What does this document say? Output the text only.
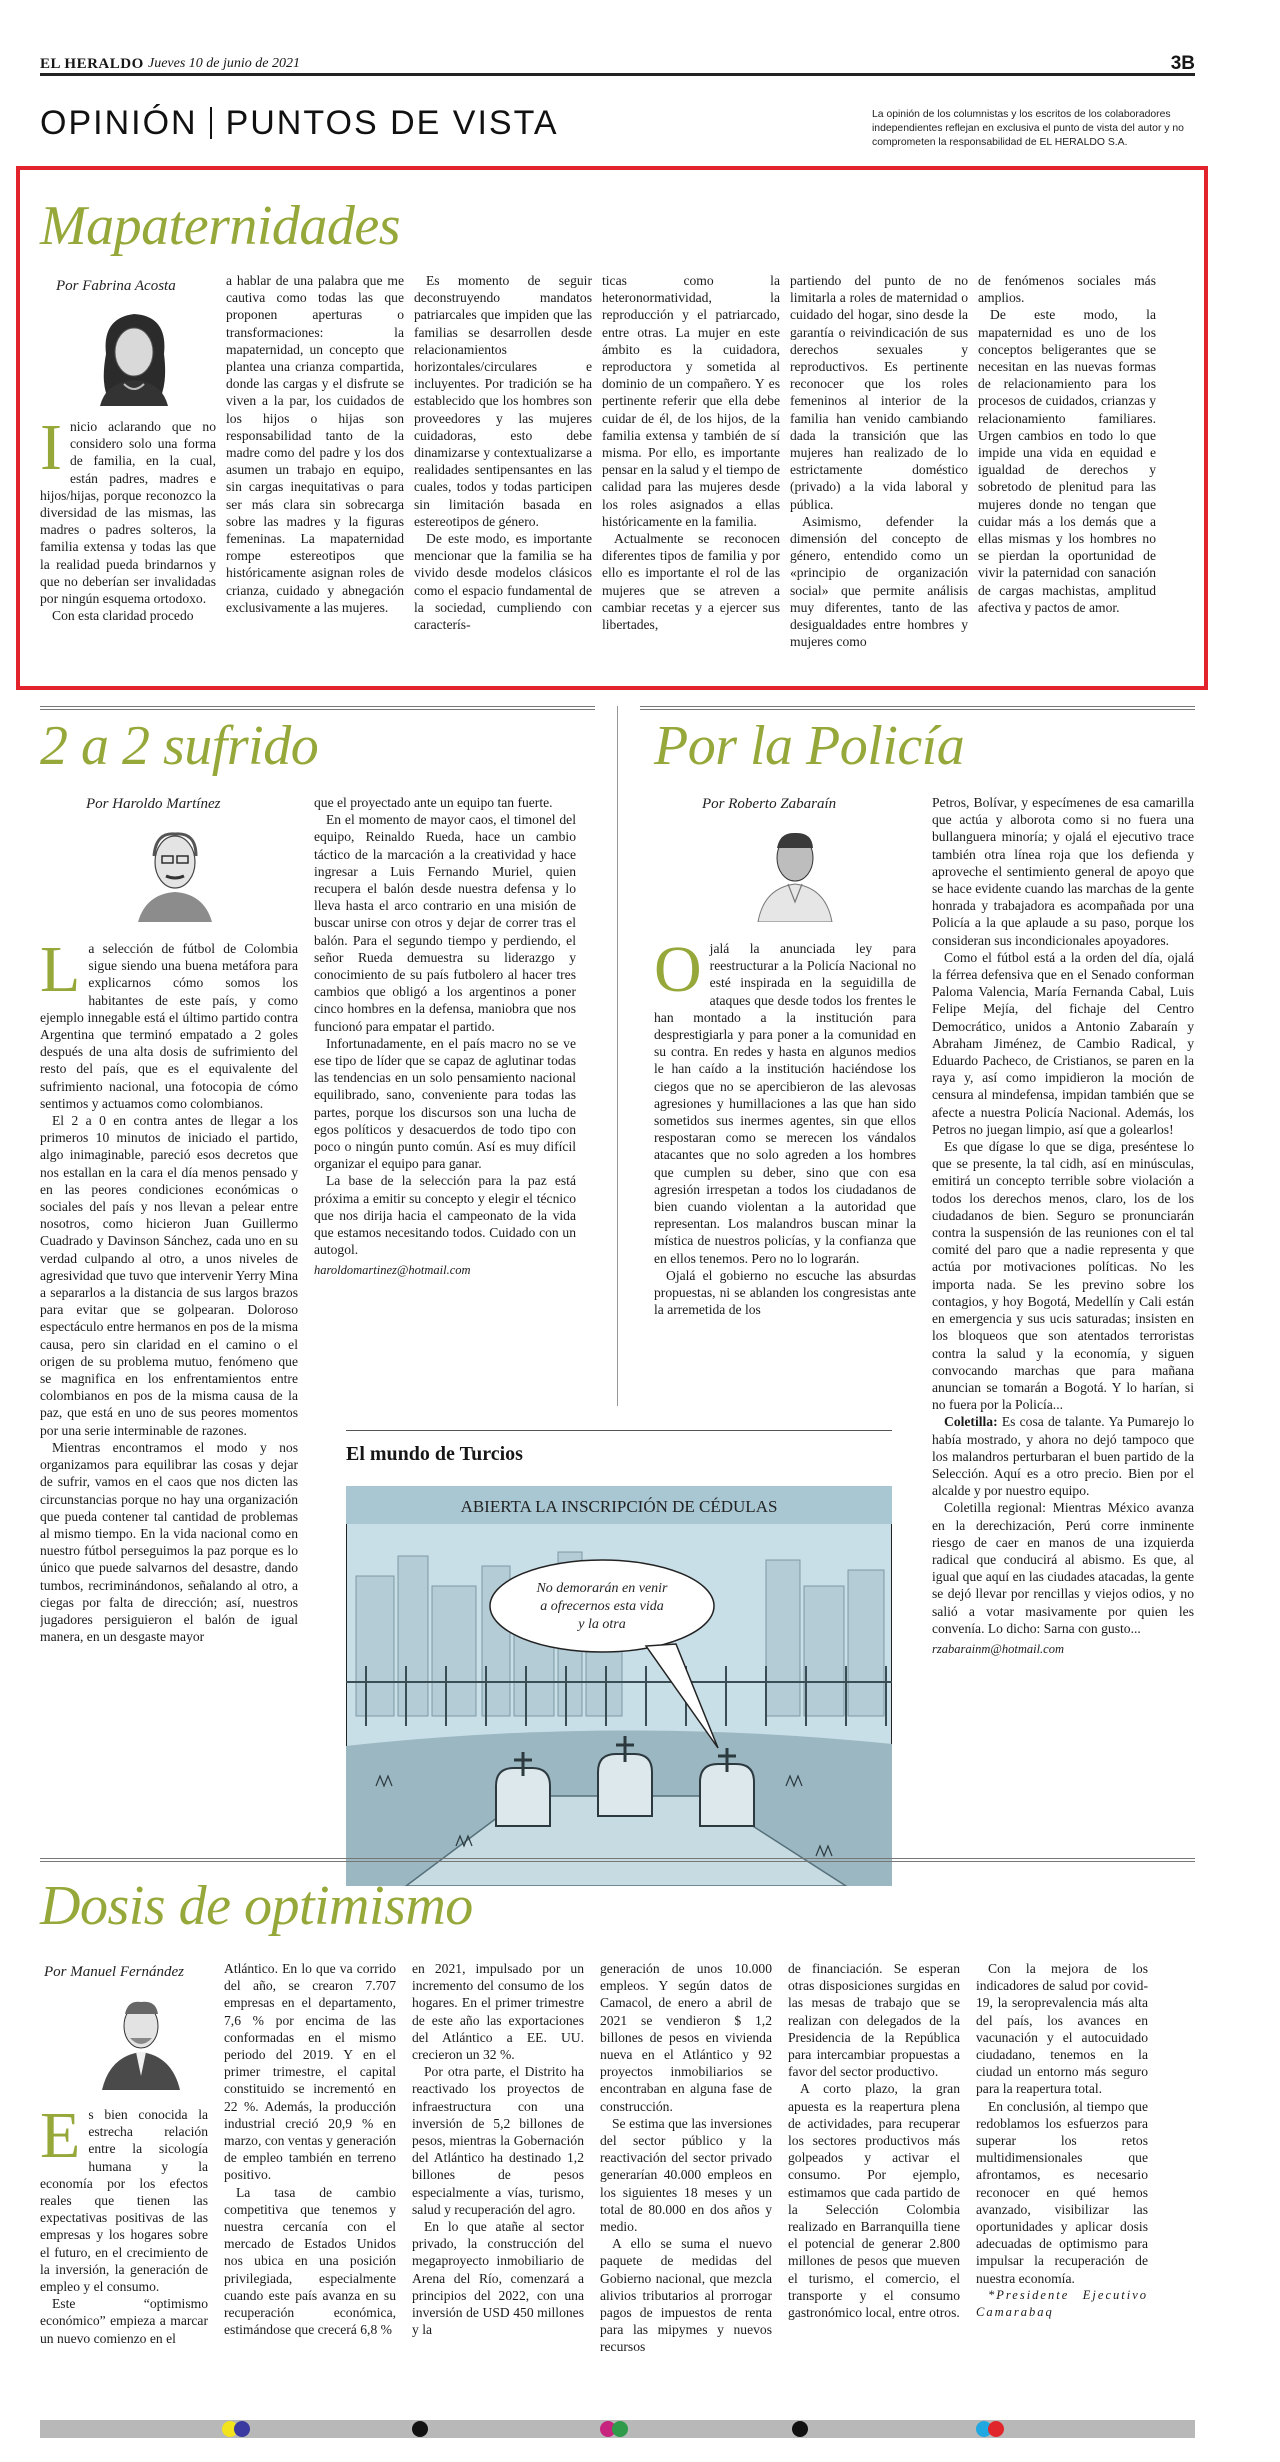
EL HERALDO Jueves 10 de junio de 2021	3B
OPINIÓN PUNTOS DE VISTA	La opinión de los columnistas y los escritos de los colaboradores independientes reflejan en exclusiva el punto de vista del autor y no comprometen la responsabilidad de EL HERALDO S.A.
Mapaternidades
Por Fabrina Acosta
I nicio aclarando que no considero solo una forma de familia, en la cual, están padres, madres e hijos/hijas, porque reconozco la diversidad de las mismas, las madres o padres solteros, la familia extensa y todas las que la realidad pueda brindarnos y que no deberían ser invalidadas por ningún esquema ortodoxo.

Con esta claridad procedo

a hablar de una palabra que me cautiva como todas las que proponen aperturas o transformaciones: la mapaternidad, un concepto que plantea una crianza compartida, donde las cargas y el disfrute se viven a la par, los cuidados de los hijos o hijas son responsabilidad tanto de la madre como del padre y los dos asumen un trabajo en equipo, sin cargas inequitativas o para ser más clara sin sobrecarga sobre las madres y la figuras femeninas. La mapaternidad rompe estereotipos que históricamente asignan roles de crianza, cuidado y abnegación exclusivamente a las mujeres.

Es momento de seguir deconstruyendo mandatos patriarcales que impiden que las familias se desarrollen desde relacionamientos horizontales/circulares e incluyentes. Por tradición se ha establecido que los hombres son proveedores y las mujeres cuidadoras, esto debe dinamizarse y contextualizarse a realidades sentipensantes en las cuales, todos y todas participen sin limitación basada en estereotipos de género.

De este modo, es importante mencionar que la familia se ha vivido desde modelos clásicos como el espacio fundamental de la sociedad, cumpliendo con caracterís-

ticas como la heteronormatividad, la reproducción y el patriarcado, entre otras. La mujer en este ámbito es la cuidadora, reproductora y sometida al dominio de un compañero. Y es pertinente referir que ella debe cuidar de él, de los hijos, de la familia extensa y también de sí misma. Por ello, es importante pensar en la salud y el tiempo de calidad para las mujeres desde los roles asignados a ellas históricamente en la familia.

Actualmente se reconocen diferentes tipos de familia y por ello es importante el rol de las mujeres que se atreven a cambiar recetas y a ejercer sus libertades,

partiendo del punto de no limitarla a roles de maternidad o cuidado del hogar, sino desde la garantía o reivindicación de sus derechos sexuales y reproductivos. Es pertinente reconocer que los roles femeninos al interior de la familia han venido cambiando dada la transición que las mujeres han realizado de lo estrictamente doméstico (privado) a la vida laboral y pública.

Asimismo, defender la dimensión del concepto de género, entendido como un «principio de organización social» que permite análisis muy diferentes, tanto de las desigualdades entre hombres y mujeres como

de fenómenos sociales más amplios.

De este modo, la mapaternidad es uno de los conceptos beligerantes que se necesitan en las nuevas formas de relacionamiento para los procesos de cuidados, crianzas y relacionamiento familiares. Urgen cambios en todo lo que impide una vida en equidad e igualdad de derechos y sobretodo de plenitud para las mujeres donde no tengan que cuidar más a los demás que a ellas mismas y los hombres no se pierdan la oportunidad de vivir la paternidad con sanación de cargas machistas, amplitud afectiva y pactos de amor.

2 a 2 sufrido
Por Haroldo Martínez
L a selección de fútbol de Colombia sigue siendo una buena metáfora para explicarnos cómo somos los habitantes de este país, y como ejemplo innegable está el último partido contra Argentina que terminó empatado a 2 goles después de una alta dosis de sufrimiento del resto del país, que es el equivalente del sufrimiento nacional, una fotocopia de cómo sentimos y actuamos como colombianos.

El 2 a 0 en contra antes de llegar a los primeros 10 minutos de iniciado el partido, algo inimaginable, pareció esos decretos que nos estallan en la cara el día menos pensado y en las peores condiciones económicas o sociales del país y nos llevan a pelear entre nosotros, como hicieron Juan Guillermo Cuadrado y Davinson Sánchez, cada uno en su verdad culpando al otro, a unos niveles de agresividad que tuvo que intervenir Yerry Mina a separarlos a la distancia de sus largos brazos para evitar que se golpearan. Doloroso espectáculo entre hermanos en pos de la misma causa, pero sin claridad en el camino o el origen de su problema mutuo, fenómeno que se magnifica en los enfrentamientos entre colombianos en pos de la misma causa de la paz, que está en uno de sus peores momentos por una serie interminable de razones.

Mientras encontramos el modo y nos organizamos para equilibrar las cosas y dejar de sufrir, vamos en el caos que nos dicten las circunstancias porque no hay una organización que pueda contener tal cantidad de problemas al mismo tiempo. En la vida nacional como en nuestro fútbol perseguimos la paz porque es lo único que puede salvarnos del desastre, dando tumbos, recriminándonos, señalando al otro, a ciegas por falta de dirección; así, nuestros jugadores persiguieron el balón de igual manera, en un desgaste mayor

que el proyectado ante un equipo tan fuerte.

En el momento de mayor caos, el timonel del equipo, Reinaldo Rueda, hace un cambio táctico de la marcación a la creatividad y hace ingresar a Luis Fernando Muriel, quien recupera el balón desde nuestra defensa y lo lleva hasta el arco contrario en una misión de buscar unirse con otros y dejar de correr tras el balón. Para el segundo tiempo y perdiendo, el señor Rueda demuestra su liderazgo y conocimiento de su país futbolero al hacer tres cambios que obligó a los argentinos a poner cinco hombres en la defensa, maniobra que nos funcionó para empatar el partido.

Infortunadamente, en el país macro no se ve ese tipo de líder que se capaz de aglutinar todas las tendencias en un solo pensamiento nacional equilibrado, sano, conveniente para todas las partes, porque los discursos son una lucha de egos políticos y desacuerdos de todo tipo con poco o ningún punto común. Así es muy difícil organizar el equipo para ganar.

La base de la selección para la paz está próxima a emitir su concepto y elegir el técnico que nos dirija hacia el campeonato de la vida que estamos necesitando todos. Cuidado con un autogol.

haroldomartinez@hotmail.com
Por la Policía
Por Roberto Zabaraín
O jalá la anunciada ley para reestructurar a la Policía Nacional no esté inspirada en la seguidilla de ataques que desde todos los frentes le han montado a la institución para desprestigiarla y para poner a la comunidad en su contra. En redes y hasta en algunos medios le han caído a la institución haciéndose los ciegos que no se apercibieron de las alevosas agresiones y humillaciones a las que han sido sometidos sus inermes agentes, sin que ellos respostaran como se merecen los vándalos atacantes que no solo agreden a los hombres que cumplen su deber, sino que con esa agresión irrespetan a todos los ciudadanos de bien cuando violentan a la autoridad que representan. Los malandros buscan minar la mística de nuestros policías, y la confianza que en ellos tenemos. Pero no lo lograrán.

Ojalá el gobierno no escuche las absurdas propuestas, ni se ablanden los congresistas ante la arremetida de los

Petros, Bolívar, y especímenes de esa camarilla que actúa y alborota como si no fuera una bullanguera minoría; y ojalá el ejecutivo trace también otra línea roja que los defienda y aproveche el sentimiento general de apoyo que se hace evidente cuando las marchas de la gente honrada y trabajadora es acompañada por una Policía a la que aplaude a su paso, porque los consideran sus incondicionales apoyadores.

Como el fútbol está a la orden del día, ojalá la férrea defensiva que en el Senado conforman Paloma Valencia, María Fernanda Cabal, Luis Felipe Mejía, del fichaje del Centro Democrático, unidos a Antonio Zabaraín y Abraham Jiménez, de Cambio Radical, y Eduardo Pacheco, de Cristianos, se paren en la raya y, así como impidieron la moción de censura al mindefensa, impidan también que se afecte a nuestra Policía Nacional. Además, los Petros no juegan limpio, así que a golearlos!

Es que dígase lo que se diga, preséntese lo que se presente, la tal cidh, así en minúsculas, emitirá un concepto terrible sobre violación a todos los derechos menos, claro, los de los ciudadanos de bien. Seguro se pronunciarán contra la suspensión de las reuniones con el tal comité del paro que a nadie representa y que actúa por motivaciones políticas. No les importa nada. Se les previno sobre los contagios, y hoy Bogotá, Medellín y Cali están en emergencia y sus ucis saturadas; insisten en los bloqueos que son atentados terroristas contra la salud y la economía, y siguen convocando marchas que para mañana anuncian se tomarán a Bogotá. Y lo harían, si no fuera por la Policía...

Coletilla: Es cosa de talante. Ya Pumarejo lo había mostrado, y ahora no dejó tampoco que los malandros perturbaran el buen partido de la Selección. Aquí es a otro precio. Bien por el alcalde y por nuestro equipo.

Coletilla regional: Mientras México avanza en la derechización, Perú corre inminente riesgo de caer en manos de una izquierda radical que conducirá al abismo. Es que, al igual que aquí en las ciudades atacadas, la gente se dejó llevar por rencillas y viejos odios, y no salió a votar masivamente por quien les convenía. Lo dicho: Sarna con gusto...

rzabarainm@hotmail.com
El mundo de Turcios
ABIERTA LA INSCRIPCIÓN DE CÉDULAS
No demorarán en venir
a ofrecernos esta vida
y la otra
Dosis de optimismo
Por Manuel Fernández
E s bien conocida la estrecha relación entre la sicología humana y la economía por los efectos reales que tienen las expectativas positivas de las empresas y los hogares sobre el futuro, en el crecimiento de la inversión, la generación de empleo y el consumo.

Este “optimismo económico” empieza a marcar un nuevo comienzo en el

Atlántico. En lo que va corrido del año, se crearon 7.707 empresas en el departamento, 7,6 % por encima de las conformadas en el mismo periodo del 2019. Y en el primer trimestre, el capital constituido se incrementó en 22 %. Además, la producción industrial creció 20,9 % en marzo, con ventas y generación de empleo también en terreno positivo.

La tasa de cambio competitiva que tenemos y nuestra cercanía con el mercado de Estados Unidos nos ubica en una posición privilegiada, especialmente cuando este país avanza en su recuperación económica, estimándose que crecerá 6,8 %

en 2021, impulsado por un incremento del consumo de los hogares. En el primer trimestre de este año las exportaciones del Atlántico a EE. UU. crecieron un 32 %.

Por otra parte, el Distrito ha reactivado los proyectos de infraestructura con una inversión de 5,2 billones de pesos, mientras la Gobernación del Atlántico ha destinado 1,2 billones de pesos especialmente a vías, turismo, salud y recuperación del agro.

En lo que atañe al sector privado, la construcción del megaproyecto inmobiliario de Arena del Río, comenzará a principios del 2022, con una inversión de USD 450 millones y la

generación de unos 10.000 empleos. Y según datos de Camacol, de enero a abril de 2021 se vendieron $ 1,2 billones de pesos en vivienda nueva en el Atlántico y 92 proyectos inmobiliarios se encontraban en alguna fase de construcción.

Se estima que las inversiones del sector público y la reactivación del sector privado generarían 40.000 empleos en los siguientes 18 meses y un total de 80.000 en dos años y medio.

A ello se suma el nuevo paquete de medidas del Gobierno nacional, que mezcla alivios tributarios al prorrogar pagos de impuestos de renta para las mipymes y nuevos recursos

de financiación. Se esperan otras disposiciones surgidas en las mesas de trabajo que se realizan con delegados de la Presidencia de la República para intercambiar propuestas a favor del sector productivo.

A corto plazo, la gran apuesta es la reapertura plena de actividades, para recuperar los sectores productivos más golpeados y activar el consumo. Por ejemplo, estimamos que cada partido de la Selección Colombia realizado en Barranquilla tiene el potencial de generar 2.800 millones de pesos que mueven el turismo, el comercio, el transporte y el consumo gastronómico local, entre otros.

Con la mejora de los indicadores de salud por covid-19, la seroprevalencia más alta del país, los avances en vacunación y el autocuidado ciudadano, tenemos en la ciudad un entorno más seguro para la reapertura total.

En conclusión, al tiempo que redoblamos los esfuerzos para superar los retos multidimensionales que afrontamos, es necesario reconocer en qué hemos avanzado, visibilizar las oportunidades y aplicar dosis adecuadas de optimismo para impulsar la recuperación de nuestra economía.

*Presidente Ejecutivo Camarabaq
